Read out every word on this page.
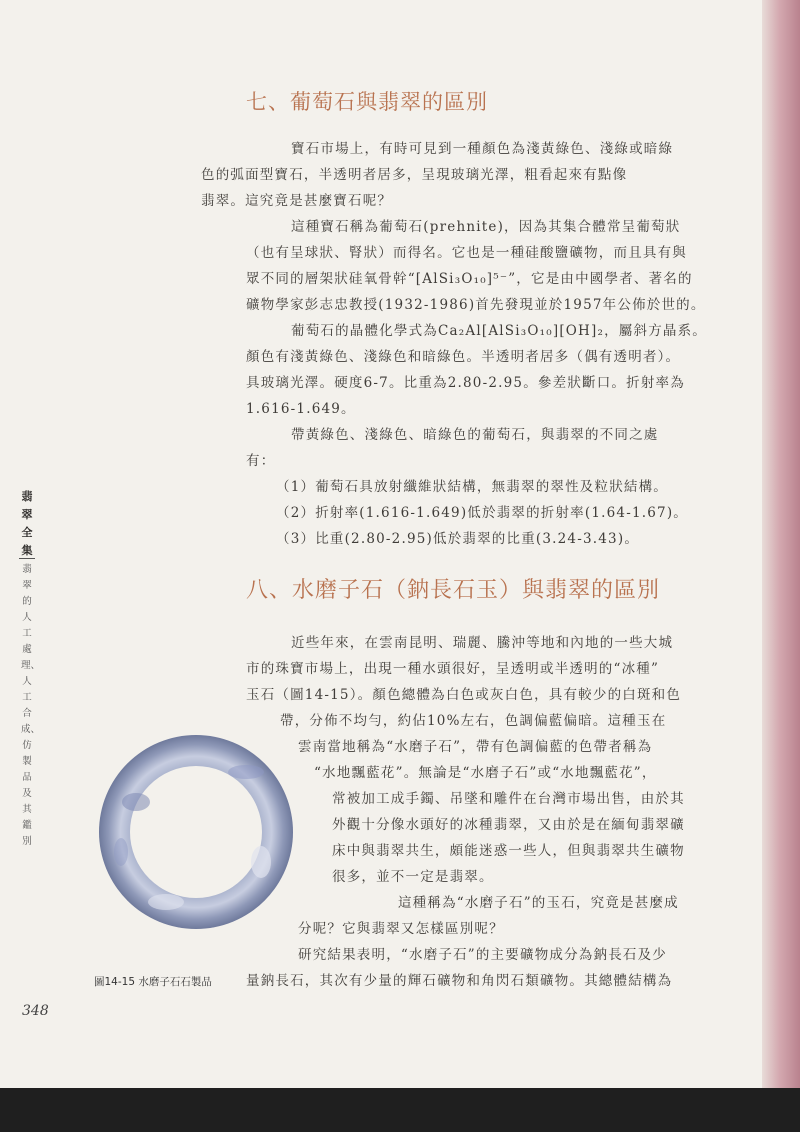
翡翠全集
翡翠的人工處理、人工合成、仿製品及其鑑別
七、葡萄石與翡翠的區別

寶石市場上，有時可見到一種顏色為淺黃綠色、淺綠或暗綠
色的弧面型寶石，半透明者居多，呈現玻璃光澤，粗看起來有點像
翡翠。這究竟是甚麼寶石呢？

這種寶石稱為葡萄石(prehnite)，因為其集合體常呈葡萄狀
（也有呈球狀、腎狀）而得名。它也是一種硅酸鹽礦物，而且具有與
眾不同的層架狀硅氧骨幹“[AlSi₃O₁₀]⁵⁻”，它是由中國學者、著名的
礦物學家彭志忠教授(1932-1986)首先發現並於1957年公佈於世的。

葡萄石的晶體化學式為Ca₂Al[AlSi₃O₁₀][OH]₂，屬斜方晶系。
顏色有淺黃綠色、淺綠色和暗綠色。半透明者居多（偶有透明者）。
具玻璃光澤。硬度6-7。比重為2.80-2.95。參差狀斷口。折射率為
1.616-1.649。

帶黃綠色、淺綠色、暗綠色的葡萄石，與翡翠的不同之處
有：

（1）葡萄石具放射纖維狀結構，無翡翠的翠性及粒狀結構。
（2）折射率(1.616-1.649)低於翡翠的折射率(1.64-1.67)。
（3）比重(2.80-2.95)低於翡翠的比重(3.24-3.43)。

八、水磨子石（鈉長石玉）與翡翠的區別

近些年來，在雲南昆明、瑞麗、騰沖等地和內地的一些大城
市的珠寶市場上，出現一種水頭很好，呈透明或半透明的“冰種”
玉石（圖14-15）。顏色總體為白色或灰白色，具有較少的白斑和色

帶，分佈不均勻，約佔10%左右，色調偏藍偏暗。這種玉在
雲南當地稱為“水磨子石”，帶有色調偏藍的色帶者稱為
“水地飄藍花”。無論是“水磨子石”或“水地飄藍花”，
常被加工成手鐲、吊墜和雕件在台灣市場出售，由於其
外觀十分像水頭好的冰種翡翠，又由於是在緬甸翡翠礦
床中與翡翠共生，頗能迷惑一些人，但與翡翠共生礦物
很多，並不一定是翡翠。

這種稱為“水磨子石”的玉石，究竟是甚麼成
分呢？它與翡翠又怎樣區別呢？

研究結果表明，“水磨子石”的主要礦物成分為鈉長石及少
量鈉長石，其次有少量的輝石礦物和角閃石類礦物。其總體結構為

圖14-15 水磨子石石製品
348
